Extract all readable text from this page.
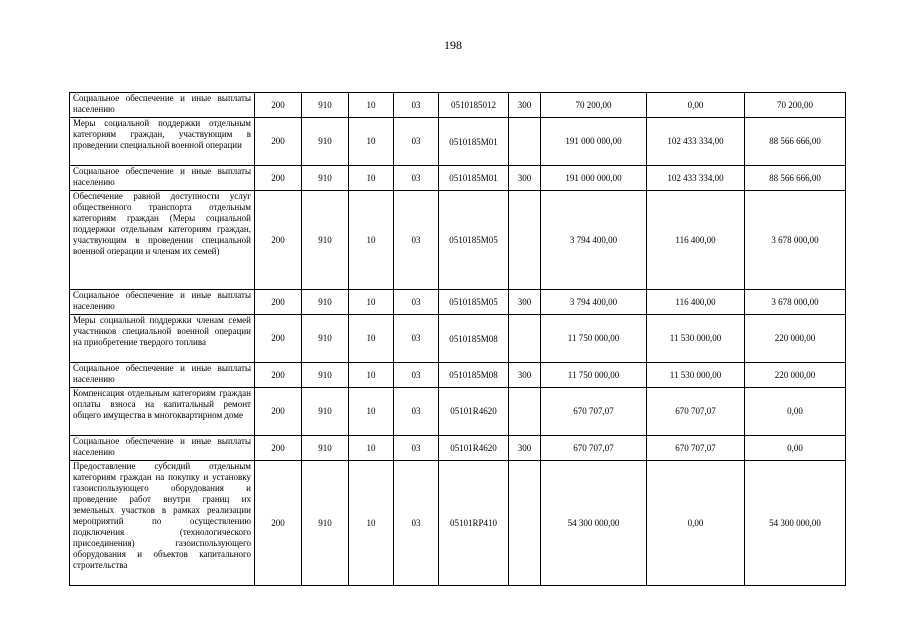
198
Социальное обеспечение и иные выплаты населению	200	910	10	03	0510185012	300	70 200,00	0,00	70 200,00
Меры социальной поддержки отдельным категориям граждан, участвующим в проведении специальной военной операции	200	910	10	03	0510185M01		191 000 000,00	102 433 334,00	88 566 666,00
Социальное обеспечение и иные выплаты населению	200	910	10	03	0510185M01	300	191 000 000,00	102 433 334,00	88 566 666,00
Обеспечение равной доступности услуг общественного транспорта отдельным категориям граждан (Меры социальной поддержки отдельным категориям граждан, участвующим в проведении специальной военной операции и членам их семей)	200	910	10	03	0510185M05		3 794 400,00	116 400,00	3 678 000,00
Социальное обеспечение и иные выплаты населению	200	910	10	03	0510185M05	300	3 794 400,00	116 400,00	3 678 000,00
Меры социальной поддержки членам семей участников специальной военной операции на приобретение твердого топлива	200	910	10	03	0510185M08		11 750 000,00	11 530 000,00	220 000,00
Социальное обеспечение и иные выплаты населению	200	910	10	03	0510185M08	300	11 750 000,00	11 530 000,00	220 000,00
Компенсация отдельным категориям граждан оплаты взноса на капитальный ремонт общего имущества в многоквартирном доме	200	910	10	03	05101R4620		670 707,07	670 707,07	0,00
Социальное обеспечение и иные выплаты населению	200	910	10	03	05101R4620	300	670 707,07	670 707,07	0,00
Предоставление субсидий отдельным категориям граждан на покупку и установку газоиспользующего оборудования и проведение работ внутри границ их земельных участков в рамках реализации мероприятий по осуществлению подключения (технологического присоединения) газоиспользующего оборудования и объектов капитального строительства	200	910	10	03	05101RP410		54 300 000,00	0,00	54 300 000,00
